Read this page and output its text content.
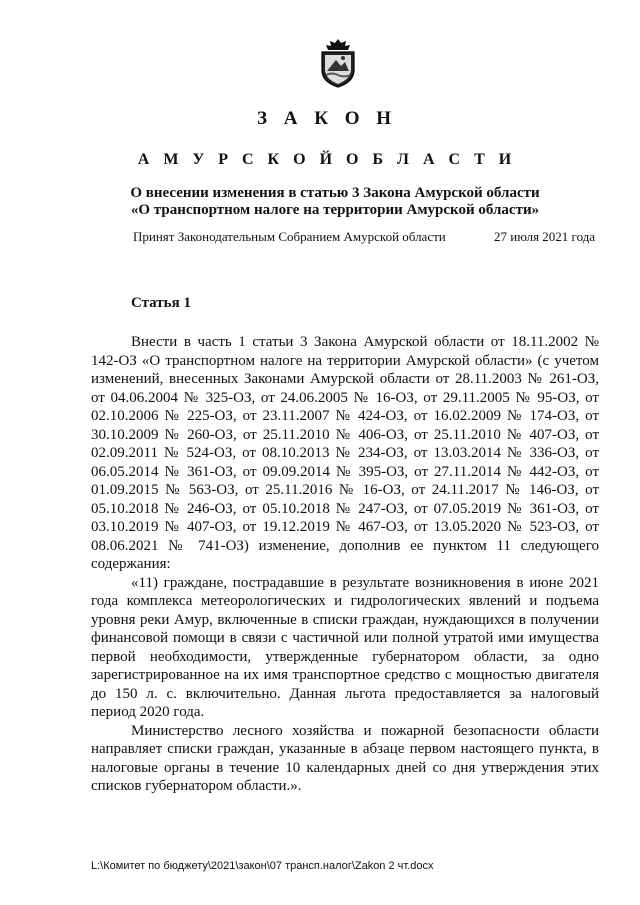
З А К О Н
А М У Р С К О Й О Б Л А С Т И
О внесении изменения в статью 3 Закона Амурской области
«О транспортном налоге на территории Амурской области»
Принят Законодательным Собранием Амурской области	27 июля 2021 года
Статья 1

Внести в часть 1 статьи 3 Закона Амурской области от 18.11.2002 № 142-ОЗ «О транспортном налоге на территории Амурской области» (с учетом изменений, внесенных Законами Амурской области от 28.11.2003 № 261-ОЗ, от 04.06.2004 № 325-ОЗ, от 24.06.2005 № 16-ОЗ, от 29.11.2005 № 95-ОЗ, от 02.10.2006 № 225-ОЗ, от 23.11.2007 № 424-ОЗ, от 16.02.2009 № 174-ОЗ, от 30.10.2009 № 260-ОЗ, от 25.11.2010 № 406-ОЗ, от 25.11.2010 № 407-ОЗ, от 02.09.2011 № 524-ОЗ, от 08.10.2013 № 234-ОЗ, от 13.03.2014 № 336-ОЗ, от 06.05.2014 № 361-ОЗ, от 09.09.2014 № 395-ОЗ, от 27.11.2014 № 442-ОЗ, от 01.09.2015 № 563-ОЗ, от 25.11.2016 № 16-ОЗ, от 24.11.2017 № 146-ОЗ, от 05.10.2018 № 246-ОЗ, от 05.10.2018 № 247-ОЗ, от 07.05.2019 № 361-ОЗ, от 03.10.2019 № 407-ОЗ, от 19.12.2019 № 467-ОЗ, от 13.05.2020 № 523-ОЗ, от 08.06.2021 № 741-ОЗ) изменение, дополнив ее пунктом 11 следующего содержания:

«11) граждане, пострадавшие в результате возникновения в июне 2021 года комплекса метеорологических и гидрологических явлений и подъема уровня реки Амур, включенные в списки граждан, нуждающихся в получении финансовой помощи в связи с частичной или полной утратой ими имущества первой необходимости, утвержденные губернатором области, за одно зарегистрированное на их имя транспортное средство с мощностью двигателя до 150 л. с. включительно. Данная льгота предоставляется за налоговый период 2020 года.

Министерство лесного хозяйства и пожарной безопасности области направляет списки граждан, указанные в абзаце первом настоящего пункта, в налоговые органы в течение 10 календарных дней со дня утверждения этих списков губернатором области.».

L:\Комитет по бюджету\2021\закон\07 трансп.налог\Zakon 2 чт.docx
